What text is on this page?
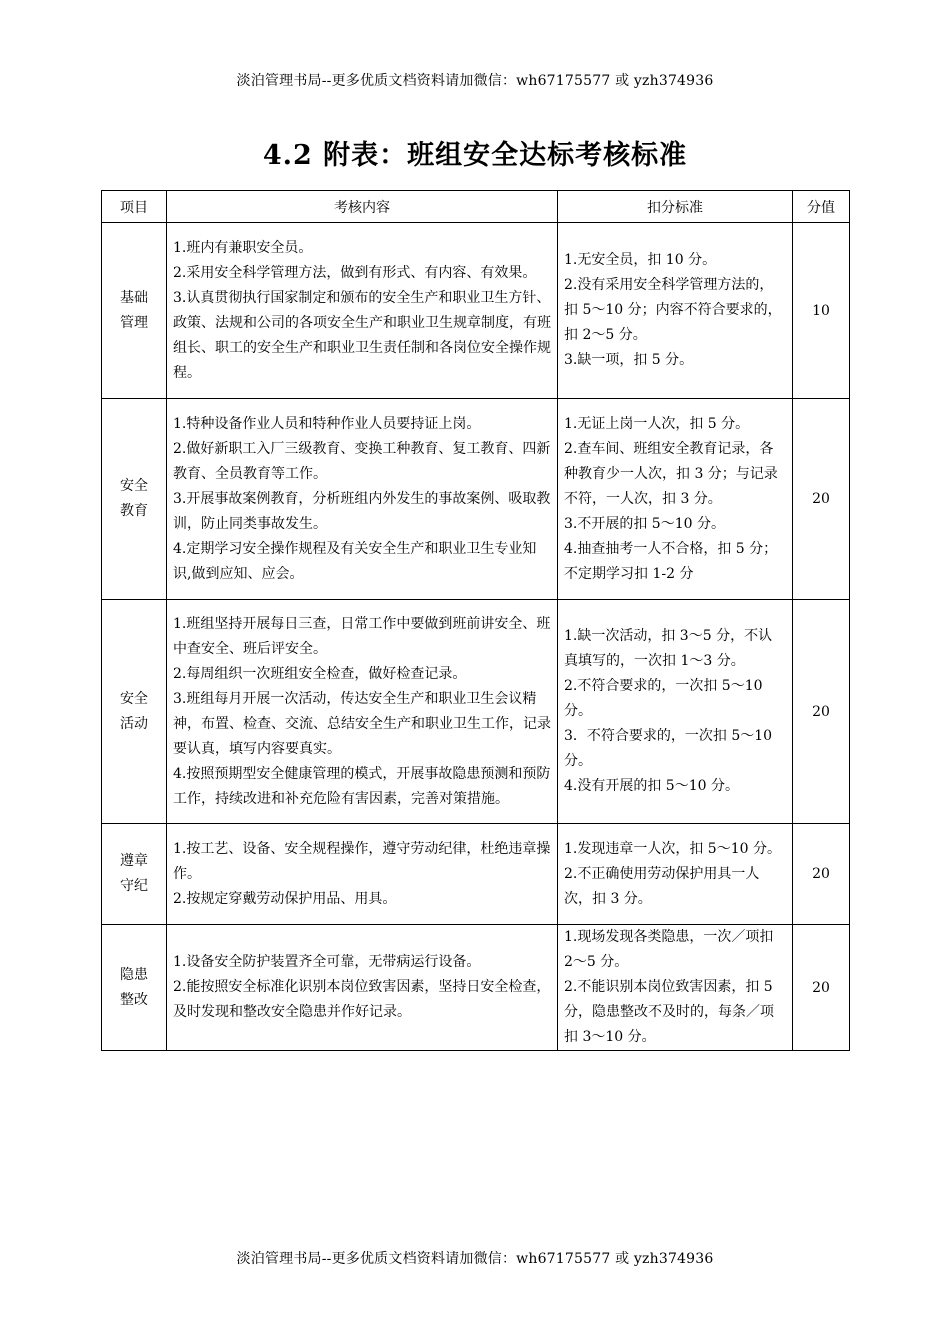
淡泊管理书局--更多优质文档资料请加微信：wh67175577 或 yzh374936
4.2 附表：班组安全达标考核标准
项目	考核内容	扣分标准	分值

基础
管理	1.班内有兼职安全员。
2.采用安全科学管理方法，做到有形式、有内容、有效果。
3.认真贯彻执行国家制定和颁布的安全生产和职业卫生方针、政策、法规和公司的各项安全生产和职业卫生规章制度，有班组长、职工的安全生产和职业卫生责任制和各岗位安全操作规程。	1.无安全员，扣 10 分。
2.没有采用安全科学管理方法的，扣 5～10 分；内容不符合要求的，扣 2～5 分。
3.缺一项，扣 5 分。	10

安全
教育	1.特种设备作业人员和特种作业人员要持证上岗。
2.做好新职工入厂三级教育、变换工种教育、复工教育、四新教育、全员教育等工作。
3.开展事故案例教育，分析班组内外发生的事故案例、吸取教训，防止同类事故发生。
4.定期学习安全操作规程及有关安全生产和职业卫生专业知识,做到应知、应会。	1.无证上岗一人次，扣 5 分。
2.查车间、班组安全教育记录，各种教育少一人次，扣 3 分；与记录不符，一人次，扣 3 分。
3.不开展的扣 5～10 分。
4.抽查抽考一人不合格，扣 5 分；不定期学习扣 1-2 分	20

安全
活动	1.班组坚持开展每日三查，日常工作中要做到班前讲安全、班中查安全、班后评安全。
2.每周组织一次班组安全检查，做好检查记录。
3.班组每月开展一次活动，传达安全生产和职业卫生会议精神，布置、检查、交流、总结安全生产和职业卫生工作，记录要认真，填写内容要真实。
4.按照预期型安全健康管理的模式，开展事故隐患预测和预防工作，持续改进和补充危险有害因素，完善对策措施。	1.缺一次活动，扣 3～5 分，不认真填写的，一次扣 1～3 分。
2.不符合要求的，一次扣 5～10 分。
3．不符合要求的，一次扣 5～10 分。
4.没有开展的扣 5～10 分。	20

遵章
守纪	1.按工艺、设备、安全规程操作，遵守劳动纪律，杜绝违章操作。
2.按规定穿戴劳动保护用品、用具。	1.发现违章一人次，扣 5～10 分。
2.不正确使用劳动保护用具一人次，扣 3 分。	20

隐患
整改	1.设备安全防护装置齐全可靠，无带病运行设备。
2.能按照安全标准化识别本岗位致害因素，坚持日安全检查，及时发现和整改安全隐患并作好记录。	1.现场发现各类隐患，一次／项扣 2～5 分。
2.不能识别本岗位致害因素，扣 5 分，隐患整改不及时的，每条／项扣 3～10 分。	20
淡泊管理书局--更多优质文档资料请加微信：wh67175577 或 yzh374936
